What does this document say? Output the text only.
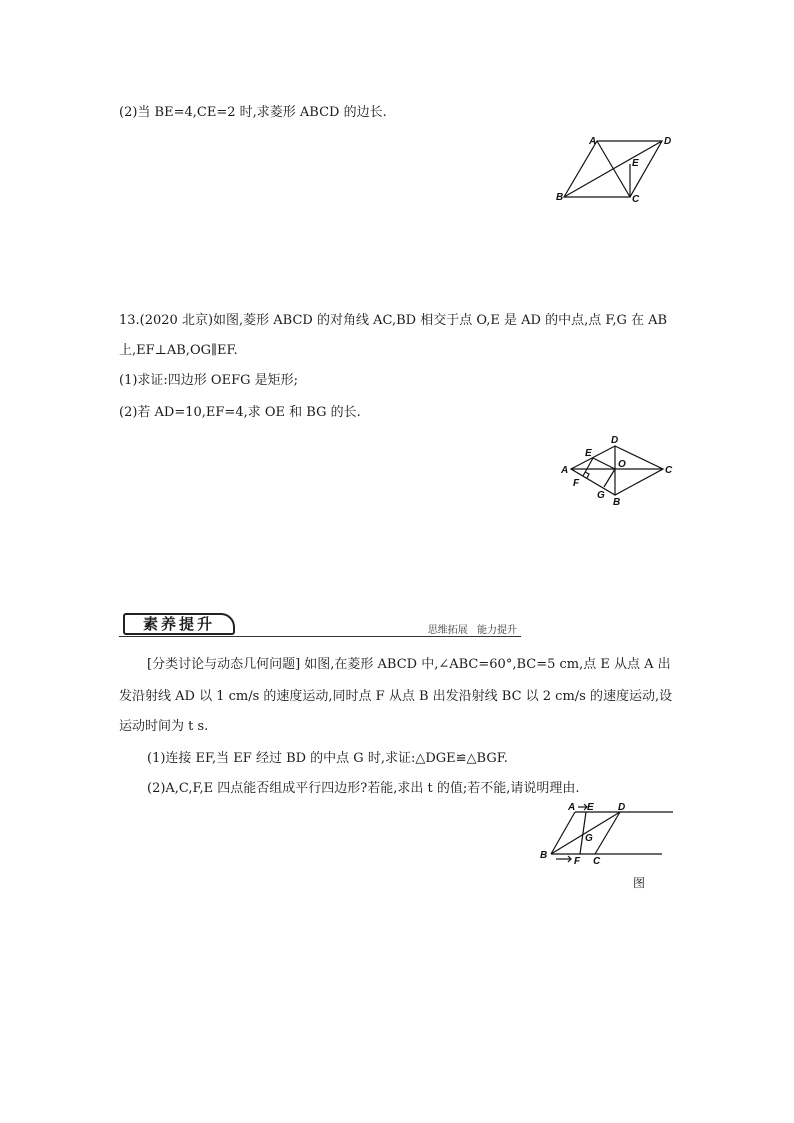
(2)当 BE=4,CE=2 时,求菱形 ABCD 的边长.
A	D
E
B	C
13.(2020 北京)如图,菱形 ABCD 的对角线 AC,BD 相交于点 O,E 是 AD 的中点,点 F,G 在 AB
上,EF⊥AB,OG∥EF.
(1)求证:四边形 OEFG 是矩形;
(2)若 AD=10,EF=4,求 OE 和 BG 的长.
D
E
O
A	C
F
G
B
素养提升	思维拓展 能力提升
[分类讨论与动态几何问题] 如图,在菱形 ABCD 中,∠ABC=60°,BC=5 cm,点 E 从点 A 出
发沿射线 AD 以 1 cm/s 的速度运动,同时点 F 从点 B 出发沿射线 BC 以 2 cm/s 的速度运动,设
运动时间为 t s.
(1)连接 EF,当 EF 经过 BD 的中点 G 时,求证:△DGE≌△BGF.
(2)A,C,F,E 四点能否组成平行四边形?若能,求出 t 的值;若不能,请说明理由.
A E D
G
B
F C
图
